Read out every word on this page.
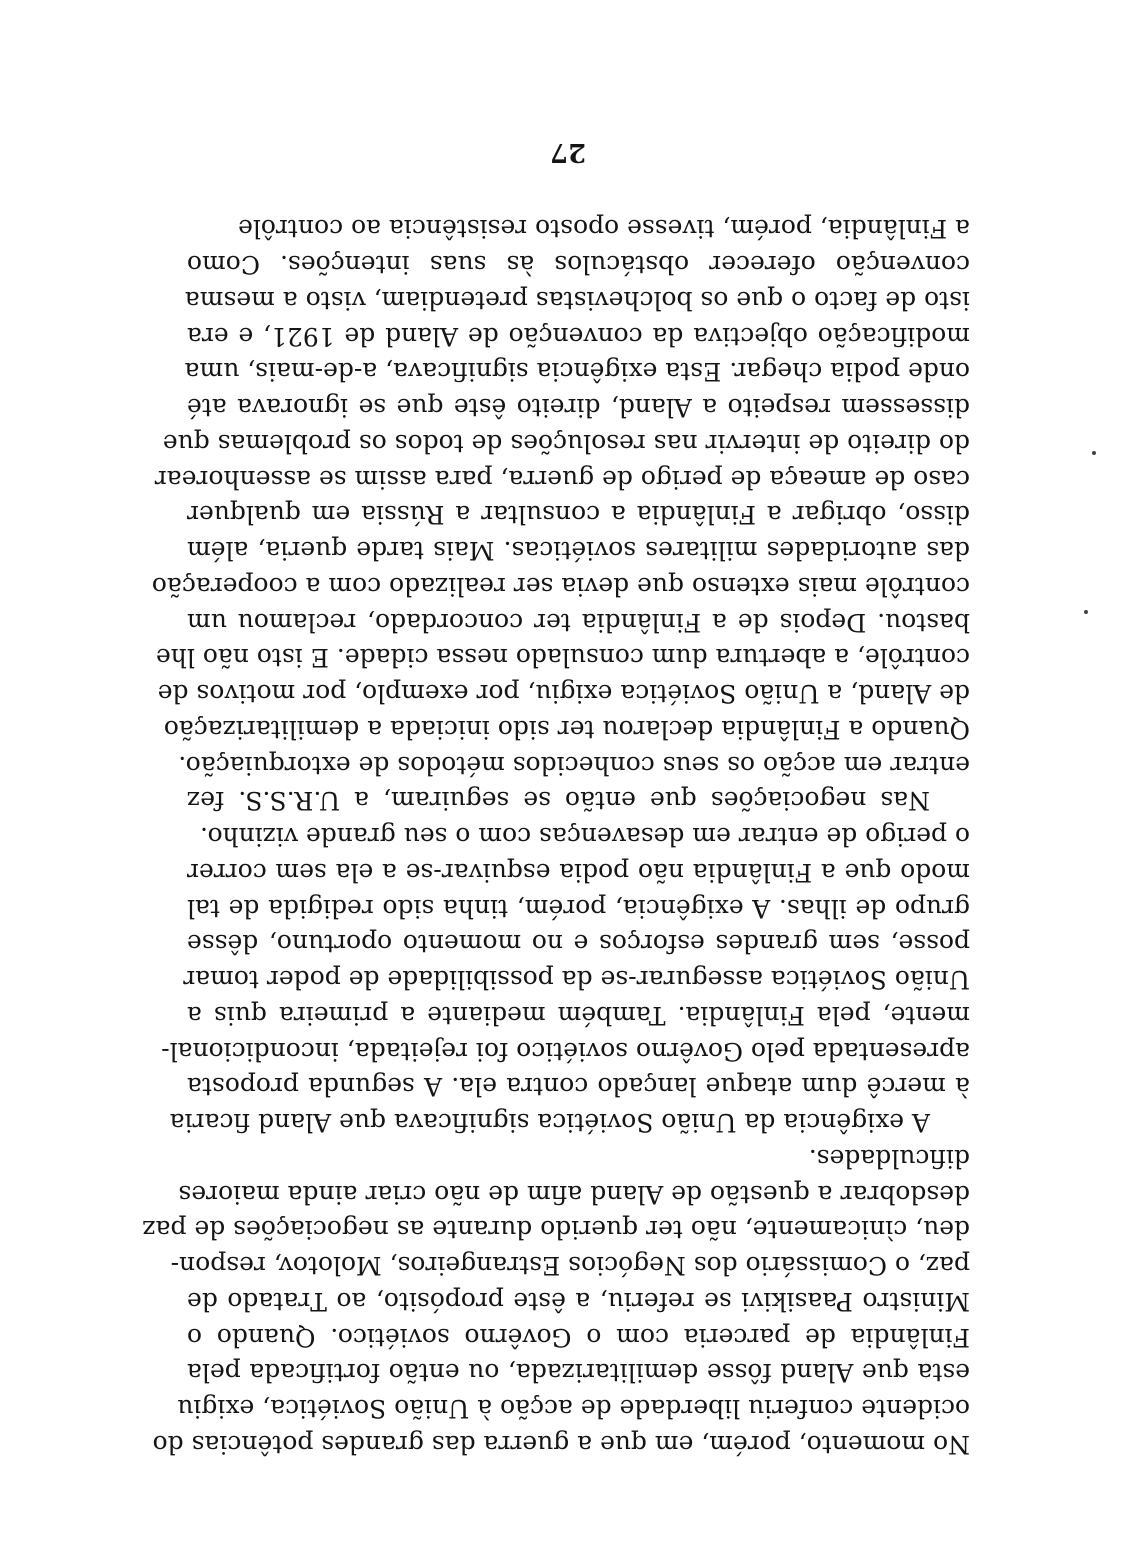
No momento, porém, em que a guerra das grandes potências do
ocidente conferiu liberdade de acção à União Soviética, exigiu
esta que Aland fôsse demilitarizada, ou então fortificada pela
Finlândia de parceria com o Govêrno soviético. Quando o
Ministro Paasikivi se referiu, a êste propósito, ao Tratado de
paz, o Comissário dos Negócios Estrangeiros, Molotov, respon-
deu, cìnicamente, não ter querido durante as negociações de paz
desdobrar a questão de Aland afim de não criar ainda maiores
dificuldades.
A exigência da União Soviética significava que Aland ficaria
à mercê dum ataque lançado contra ela. A segunda proposta
apresentada pelo Govêrno soviético foi rejeitada, incondicional-
mente, pela Finlândia. Também mediante a primeira quis a
União Soviética assegurar-se da possibilidade de poder tomar
posse, sem grandes esforços e no momento oportuno, dêsse
grupo de ilhas. A exigência, porém, tinha sido redigida de tal
modo que a Finlândia não podia esquivar-se a ela sem correr
o perigo de entrar em desavenças com o seu grande vizinho.
Nas negociações que então se seguiram, a U.R.S.S. fez
entrar em acção os seus conhecidos métodos de extorquiação.
Quando a Finlândia declarou ter sido iniciada a demilitarização
de Aland, a União Soviética exigiu, por exemplo, por motivos de
contrôle, a abertura dum consulado nessa cidade. E isto não lhe
bastou. Depois de a Finlândia ter concordado, reclamou um
contrôle mais extenso que devia ser realizado com a cooperação
das autoridades militares soviéticas. Mais tarde queria, além
disso, obrigar a Finlândia a consultar a Rússia em qualquer
caso de ameaça de perigo de guerra, para assim se assenhorear
do direito de intervir nas resoluções de todos os problemas que
dissessem respeito a Aland, direito êste que se ignorava até
onde podia chegar. Esta exigência significava, a-de-mais, uma
modificação objectiva da convenção de Aland de 1921, e era
isto de facto o que os bolchevistas pretendiam, visto a mesma
convenção oferecer obstáculos às suas intenções. Como
a Finlândia, porém, tivesse oposto resistência ao contrôle
27
